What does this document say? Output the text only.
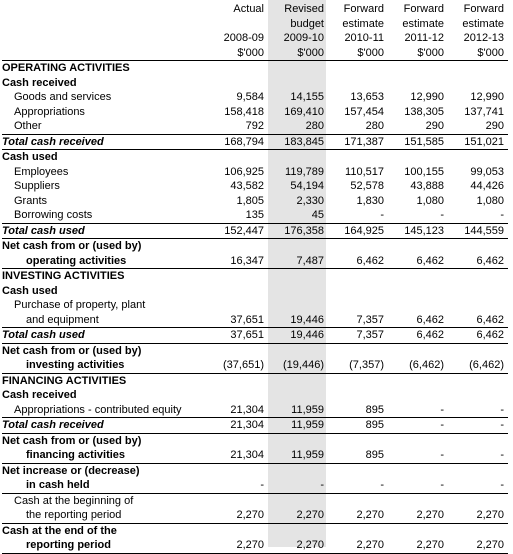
	Actual	Revised	Forward	Forward	Forward
		budget	estimate	estimate	estimate
	2008-09	2009-10	2010-11	2011-12	2012-13
	$'000	$'000	$'000	$'000	$'000
OPERATING ACTIVITIES					
Cash received					
Goods and services	9,584	14,155	13,653	12,990	12,990
Appropriations	158,418	169,410	157,454	138,305	137,741
Other	792	280	280	290	290
Total cash received	168,794	183,845	171,387	151,585	151,021
Cash used					
Employees	106,925	119,789	110,517	100,155	99,053
Suppliers	43,582	54,194	52,578	43,888	44,426
Grants	1,805	2,330	1,830	1,080	1,080
Borrowing costs	135	45	-	-	-
Total cash used	152,447	176,358	164,925	145,123	144,559
Net cash from or (used by)					
operating activities	16,347	7,487	6,462	6,462	6,462
INVESTING ACTIVITIES					
Cash used					
Purchase of property, plant					
and equipment	37,651	19,446	7,357	6,462	6,462
Total cash used	37,651	19,446	7,357	6,462	6,462
Net cash from or (used by)					
investing activities	(37,651)	(19,446)	(7,357)	(6,462)	(6,462)
FINANCING ACTIVITIES					
Cash received					
Appropriations - contributed equity	21,304	11,959	895	-	-
Total cash received	21,304	11,959	895	-	-
Net cash from or (used by)					
financing activities	21,304	11,959	895	-	-
Net increase or (decrease)					
in cash held	-	-	-	-	-
Cash at the beginning of					
the reporting period	2,270	2,270	2,270	2,270	2,270
Cash at the end of the					
reporting period	2,270	2,270	2,270	2,270	2,270
